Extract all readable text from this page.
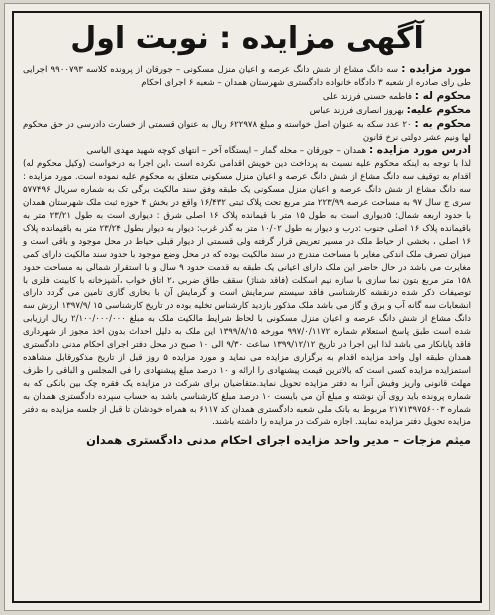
آگهی مزایده : نوبت اول

مورد مزایده : سه دانگ مشاع از شش دانگ عرصه و اعیان منزل مسکونی – جورقان از پرونده کلاسه ۹۹۰۰۷۹۳ اجرایی طی رای صادره از شعبه ۳ دادگاه خانواده دادگستری شهرستان همدان – شعبه ۶ اجرای احکام

محکوم له : فاطمه حسنی فرزند علی

محکوم علیه: بهروز انصاری فرزند عباس

محکوم به : ۲۰ عدد سکه به عنوان اصل خواسته و مبلغ ۶۲۲۹۷۸ ریال به عنوان قسمتی از خسارت دادرسی در حق محکوم لها ونیم عشر دولتی نرخ قانون

ادرس مورد مزایده : همدان – جورقان – محله گمار – ایستگاه آخر – انتهای کوچه شهید مهدی الیاسی

لذا با توجه به اینکه محکوم علیه نسبت به پرداخت دین خویش اقدامی نکرده است ،این اجرا به درخواست (وکیل محکوم له) اقدام به توقیف سه دانگ مشاع از شش دانگ عرصه و اعیان منزل مسکونی متعلق به محکوم علیه نموده است. مورد مزایده : سه دانگ مشاع از شش دانگ عرصه و اعیان منزل مسکونی یک طبقه وفق سند مالکیت برگی تک به شماره سریال ۵۷۷۴۹۶ سری ج سال ۹۷ به مساحت عرصه ۲۲۳/۹۹ متر مربع تحت پلاک ثبتی ۱۶/۴۳۲ واقع در بخش ۴ حوزه ثبت ملک شهرستان همدان با حدود اربعه شمال: ۵دیواری است به طول ۱۵ متر با قیمانده پلاک ۱۶ اصلی شرق : دیواری است به طول ۲۳/۲۱ متر به باقیمانده پلاک ۱۶ اصلی جنوب :درب و دیوار به طول ۱۰/۰۲ متر به گذر غرب: دیوار به دیوار بطول ۲۳/۲۴ متر به باقیمانده پلاک ۱۶ اصلی ، بخشی از حیاط ملک در مسیر تعریض قرار گرفته ولی قسمتی از دیوار قبلی حیاط در محل موجود و باقی است و میزان تصرف ملک اندکی مغایر با مساحت مندرج در سند مالکیت بوده که در محل وضع موجود با حدود سند مالکیت دارای کمی مغایرت می باشد در حال حاضر این ملک دارای اعیانی یک طبقه به قدمت حدود ۹ سال و با استقرار شمالی به مساحت حدود ۱۵۸ متر مربع بتون نما سازی با سازه نیم اسکلت (فاقد شناژ) سقف طاق ضربی ،۲ اتاق خواب ،آشپزخانه با کابینت فلزی با توصیفات ذکر شده درنقشه کارشناسی فاقد سیستم سرمایش است و گرمایش آن با بخاری گازی تامین می گردد دارای انشعابات سه گانه آب و برق و گاز می باشد ملک مذکور بازدید کارشناس تخلیه بوده در تاریخ کارشناسی ۱۵ /۱۳۹۷/۹ ارزش سه دانگ مشاع از شش دانگ عرصه و اعیان منزل مسکونی با لحاظ شرایط مالکیت ملک به مبلغ ۲/۱۰۰/۰۰۰/۰۰۰ ریال ارزیابی شده است طبق پاسخ استعلام شماره ۹۹۷/۰/۱۱۷۲ مورخه ۱۳۹۹/۸/۱۵ این ملک به دلیل احداث بدون اخذ مجوز از شهرداری فاقد پایانکار می باشد لذا این اجرا در تاریخ ۱۳۹۹/۱۲/۱۲ ساعت ۹/۳۰ الی ۱۰ صبح در محل دفتر اجرای احکام مدنی دادگستری همدان طبقه اول واحد مزایده اقدام به برگزاری مزایده می نماید و مورد مزایده ۵ روز قبل از تاریخ مذکورقابل مشاهده استمزایده مزایده کسی است که بالاترین قیمت پیشنهادی را ارائه و ۱۰ درصد مبلغ پیشنهادی را فی المجلس و الباقی را ظرف مهلت قانونی واریز وفیش آنرا به دفتر مزایده تحویل نماید.متقاضیان برای شرکت در مزایده یک فقره چک بین بانکی که به شماره پرونده باید روی آن نوشته و مبلغ آن می بایست ۱۰ درصد مبلغ کارشناسی باشد به حساب سپرده دادگستری همدان به شماره ۲۱۷۱۳۹۷۵۶۰۰۳ مربوط به بانک ملی شعبه دادگستری همدان کد ۶۱۱۷ به همراه خودشان تا قبل از جلسه مزایده به دفتر مزایده تحویل دفتر مزایده نمایند. اجازه شرکت در مزایده را داشته باشند.

میثم مزجات – مدیر واحد مزایده اجرای احکام مدنی دادگستری همدان
